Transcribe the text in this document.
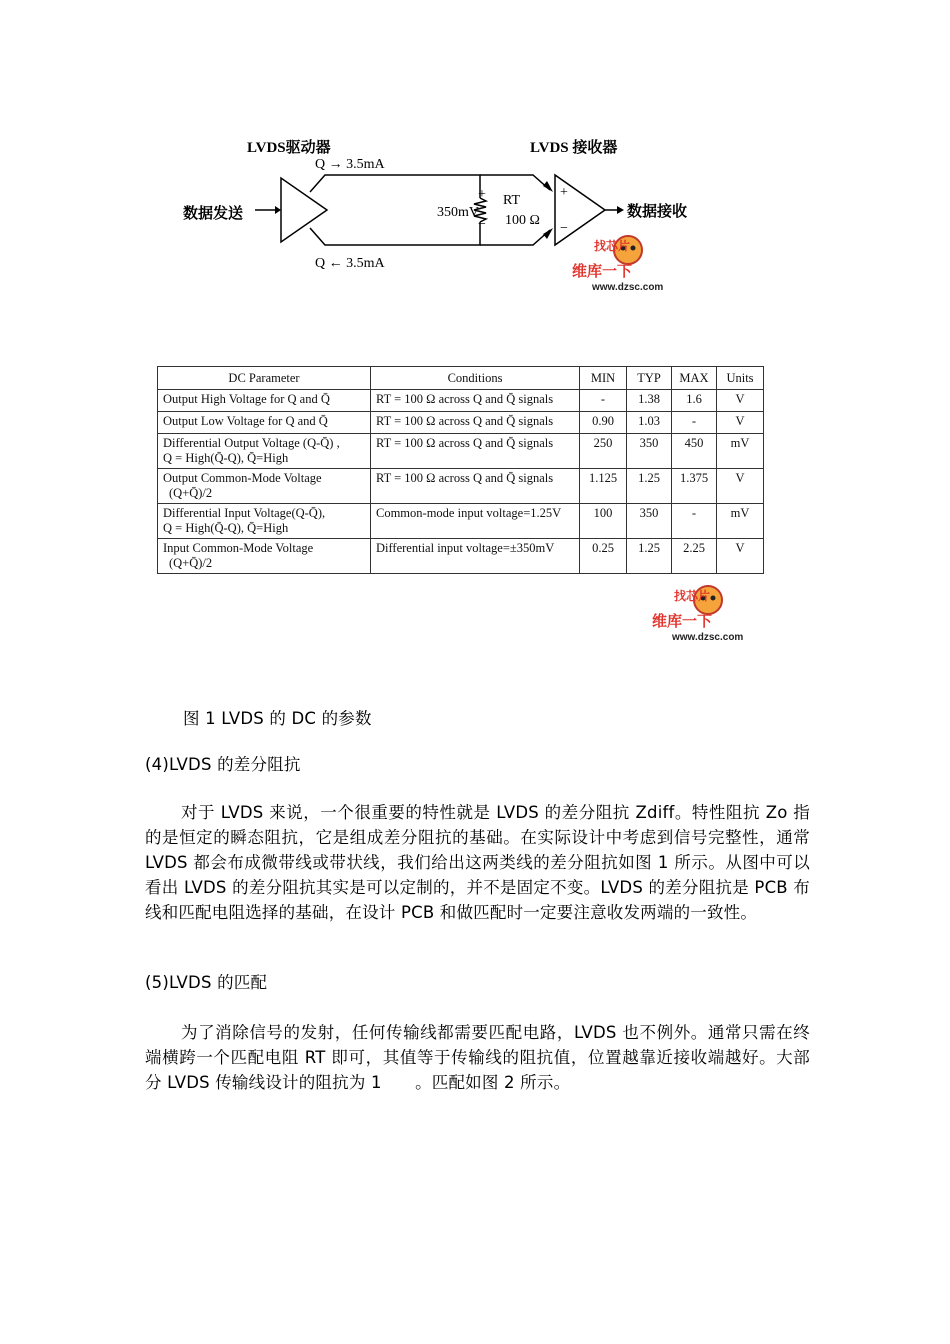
LVDS驱动器	LVDS 接收器
Q → 3.5mA
Q ← 3.5mA
数据发送	数据接收
350mV
RT
100 Ω
+
−
+
−
找芯片
维库一下
www.dzsc.com
DC Parameter	Conditions	MIN	TYP	MAX	Units
Output High Voltage for Q and Q̄	RT = 100 Ω across Q and Q̄ signals	-	1.38	1.6	V
Output Low Voltage for Q and Q̄	RT = 100 Ω across Q and Q̄ signals	0.90	1.03	-	V

Differential Output Voltage (Q-Q̄) ,
Q = High(Q̄-Q), Q̄=High	RT = 100 Ω across Q and Q̄ signals	250	350	450	mV

Output Common-Mode Voltage
(Q+Q̄)/2	RT = 100 Ω across Q and Q̄ signals	1.125	1.25	1.375	V

Differential Input Voltage(Q-Q̄),
Q = High(Q̄-Q), Q̄=High	Common-mode input voltage=1.25V	100	350	-	mV

Input Common-Mode Voltage
(Q+Q̄)/2	Differential input voltage=±350mV	0.25	1.25	2.25	V
找芯片
维库一下
www.dzsc.com
图 1 LVDS 的 DC 的参数
(4)LVDS 的差分阻抗
对于 LVDS 来说，一个很重要的特性就是 LVDS 的差分阻抗 Zdiff。特性阻抗 Zo 指的是恒定的瞬态阻抗，它是组成差分阻抗的基础。在实际设计中考虑到信号完整性，通常 LVDS 都会布成微带线或带状线，我们给出这两类线的差分阻抗如图 1 所示。从图中可以看出 LVDS 的差分阻抗其实是可以定制的，并不是固定不变。LVDS 的差分阻抗是 PCB 布线和匹配电阻选择的基础，在设计 PCB 和做匹配时一定要注意收发两端的一致性。
(5)LVDS 的匹配
为了消除信号的发射，任何传输线都需要匹配电路，LVDS 也不例外。通常只需在终端横跨一个匹配电阻 RT 即可，其值等于传输线的阻抗值，位置越靠近接收端越好。大部分 LVDS 传输线设计的阻抗为 1　　。匹配如图 2 所示。
